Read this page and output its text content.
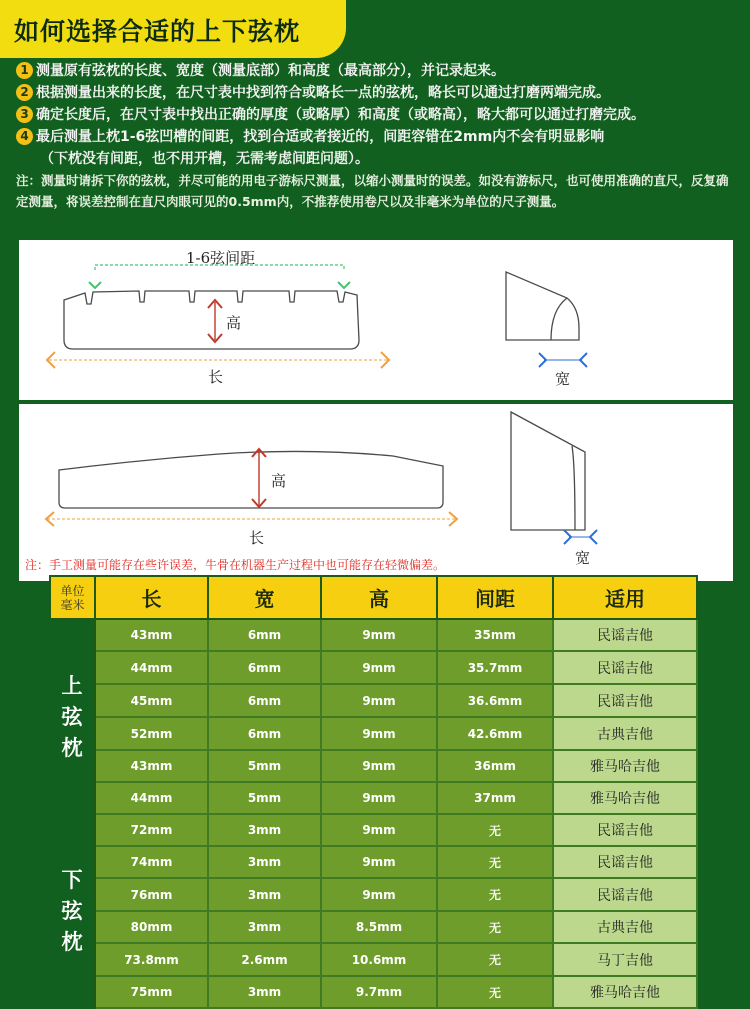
如何选择合适的上下弦枕
1 测量原有弦枕的长度、宽度（测量底部）和高度（最高部分），并记录起来。
2 根据测量出来的长度，在尺寸表中找到符合或略长一点的弦枕，略长可以通过打磨两端完成。
3 确定长度后，在尺寸表中找出正确的厚度（或略厚）和高度（或略高），略大都可以通过打磨完成。
4 最后测量上枕1-6弦凹槽的间距，找到合适或者接近的，间距容错在2mm内不会有明显影响
（下枕没有间距，也不用开槽，无需考虑间距问题）。
注：测量时请拆下你的弦枕，并尽可能的用电子游标尺测量，以缩小测量时的误差。如没有游标尺，也可使用准确的直尺，反复确定测量，将误差控制在直尺肉眼可见的0.5mm内，不推荐使用卷尺以及非毫米为单位的尺子测量。
1-6弦间距
高
长	宽
高
长
宽
注：手工测量可能存在些许误差，牛骨在机器生产过程中也可能存在轻微偏差。
单位
毫米	长	宽	高	间距	适用

上弦枕	43mm	6mm	9mm	35mm	民谣吉他
	44mm	6mm	9mm	35.7mm	民谣吉他
	45mm	6mm	9mm	36.6mm	民谣吉他
	52mm	6mm	9mm	42.6mm	古典吉他
	43mm	5mm	9mm	36mm	雅马哈吉他
	44mm	5mm	9mm	37mm	雅马哈吉他

下弦枕	72mm	3mm	9mm	无	民谣吉他
	74mm	3mm	9mm	无	民谣吉他
	76mm	3mm	9mm	无	民谣吉他
	80mm	3mm	8.5mm	无	古典吉他
	73.8mm	2.6mm	10.6mm	无	马丁吉他
	75mm	3mm	9.7mm	无	雅马哈吉他
